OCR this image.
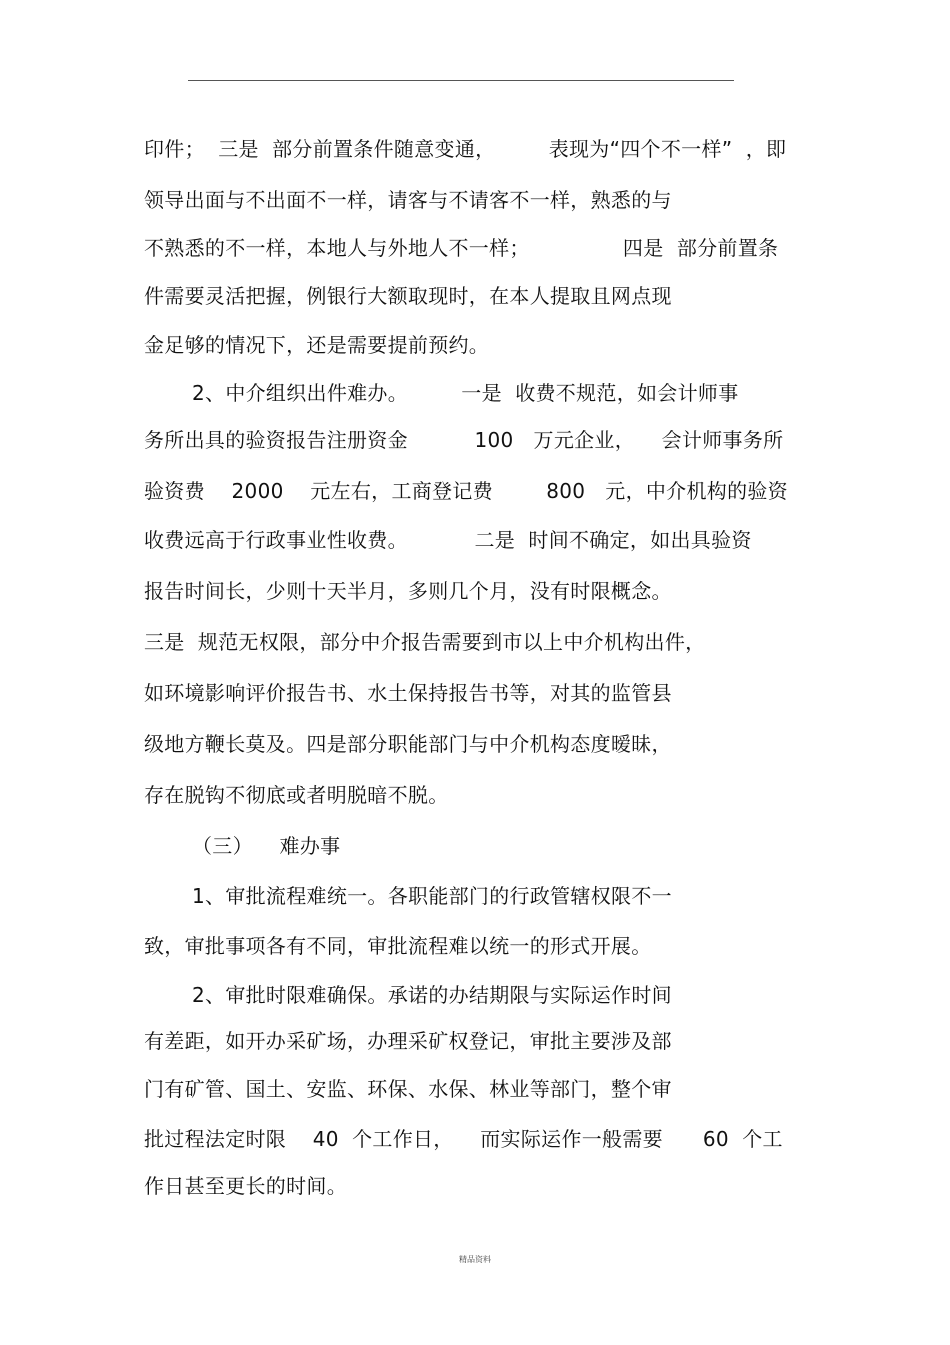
印件；  三是  部分前置条件随意变通，        表现为“四个不一样”  ，即
领导出面与不出面不一样，请客与不请客不一样，熟悉的与
不熟悉的不一样，本地人与外地人不一样；              四是  部分前置条
件需要灵活把握，例银行大额取现时，在本人提取且网点现
金足够的情况下，还是需要提前预约。
2、中介组织出件难办。        一是  收费不规范，如会计师事
务所出具的验资报告注册资金          100   万元企业，    会计师事务所
验资费    2000    元左右，工商登记费        800   元，中介机构的验资
收费远高于行政事业性收费。          二是  时间不确定，如出具验资
报告时间长，少则十天半月，多则几个月，没有时限概念。
三是  规范无权限，部分中介报告需要到市以上中介机构出件，
如环境影响评价报告书、水土保持报告书等，对其的监管县
级地方鞭长莫及。四是部分职能部门与中介机构态度暧昧，
存在脱钩不彻底或者明脱暗不脱。
（三）    难办事
1、审批流程难统一。各职能部门的行政管辖权限不一
致，审批事项各有不同，审批流程难以统一的形式开展。
2、审批时限难确保。承诺的办结期限与实际运作时间
有差距，如开办采矿场，办理采矿权登记，审批主要涉及部
门有矿管、国土、安监、环保、水保、林业等部门，整个审
批过程法定时限    40  个工作日，    而实际运作一般需要      60  个工
作日甚至更长的时间。
精品资料
